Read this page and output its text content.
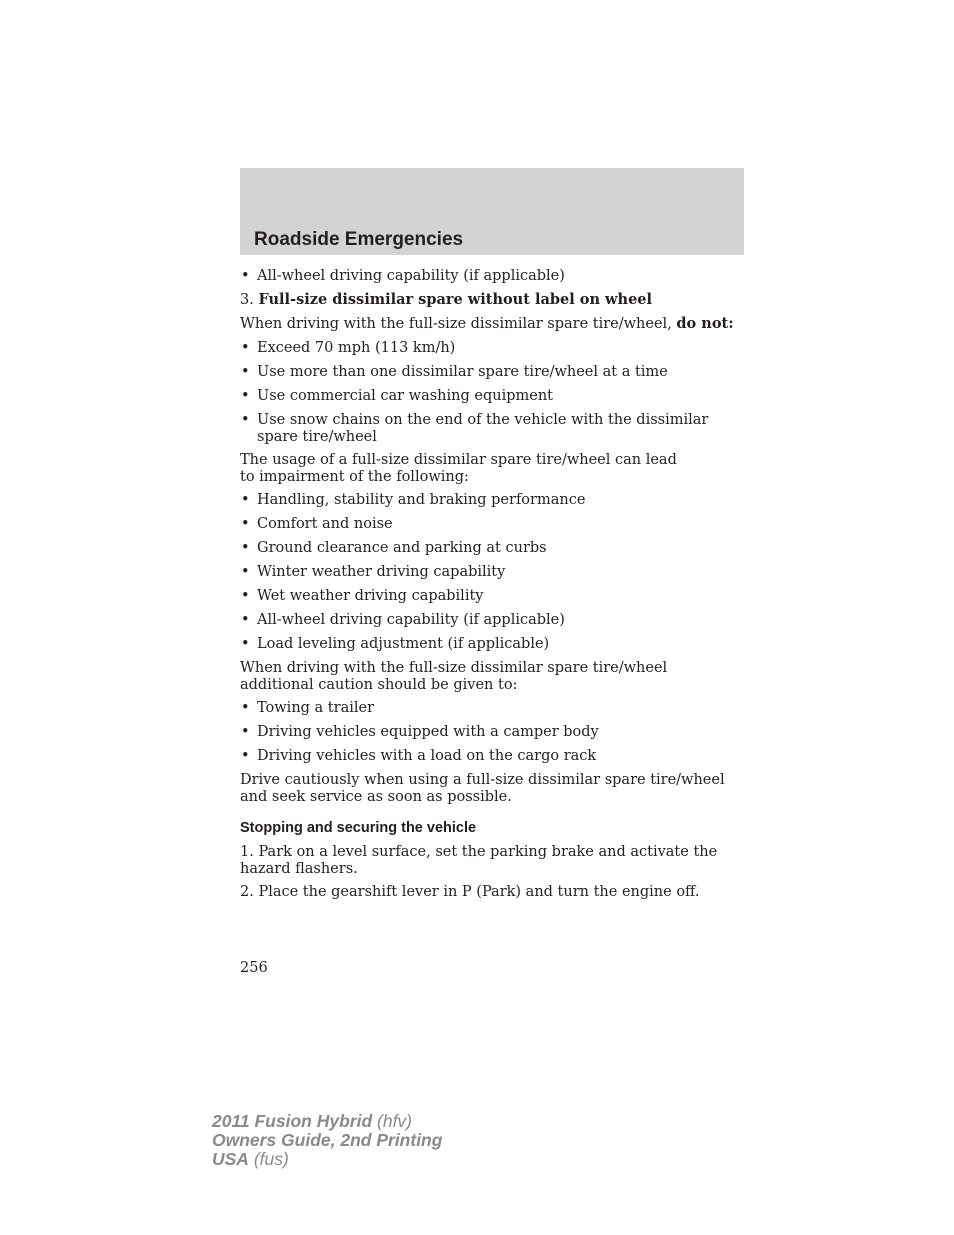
Roadside Emergencies
• All-wheel driving capability (if applicable)
3. Full-size dissimilar spare without label on wheel
When driving with the full-size dissimilar spare tire/wheel, do not:
• Exceed 70 mph (113 km/h)
• Use more than one dissimilar spare tire/wheel at a time
• Use commercial car washing equipment
• Use snow chains on the end of the vehicle with the dissimilar spare tire/wheel
The usage of a full-size dissimilar spare tire/wheel can lead to impairment of the following:
• Handling, stability and braking performance
• Comfort and noise
• Ground clearance and parking at curbs
• Winter weather driving capability
• Wet weather driving capability
• All-wheel driving capability (if applicable)
• Load leveling adjustment (if applicable)
When driving with the full-size dissimilar spare tire/wheel additional caution should be given to:
• Towing a trailer
• Driving vehicles equipped with a camper body
• Driving vehicles with a load on the cargo rack
Drive cautiously when using a full-size dissimilar spare tire/wheel and seek service as soon as possible.
Stopping and securing the vehicle
1. Park on a level surface, set the parking brake and activate the hazard flashers.
2. Place the gearshift lever in P (Park) and turn the engine off.
256
2011 Fusion Hybrid (hfv)
Owners Guide, 2nd Printing
USA (fus)
